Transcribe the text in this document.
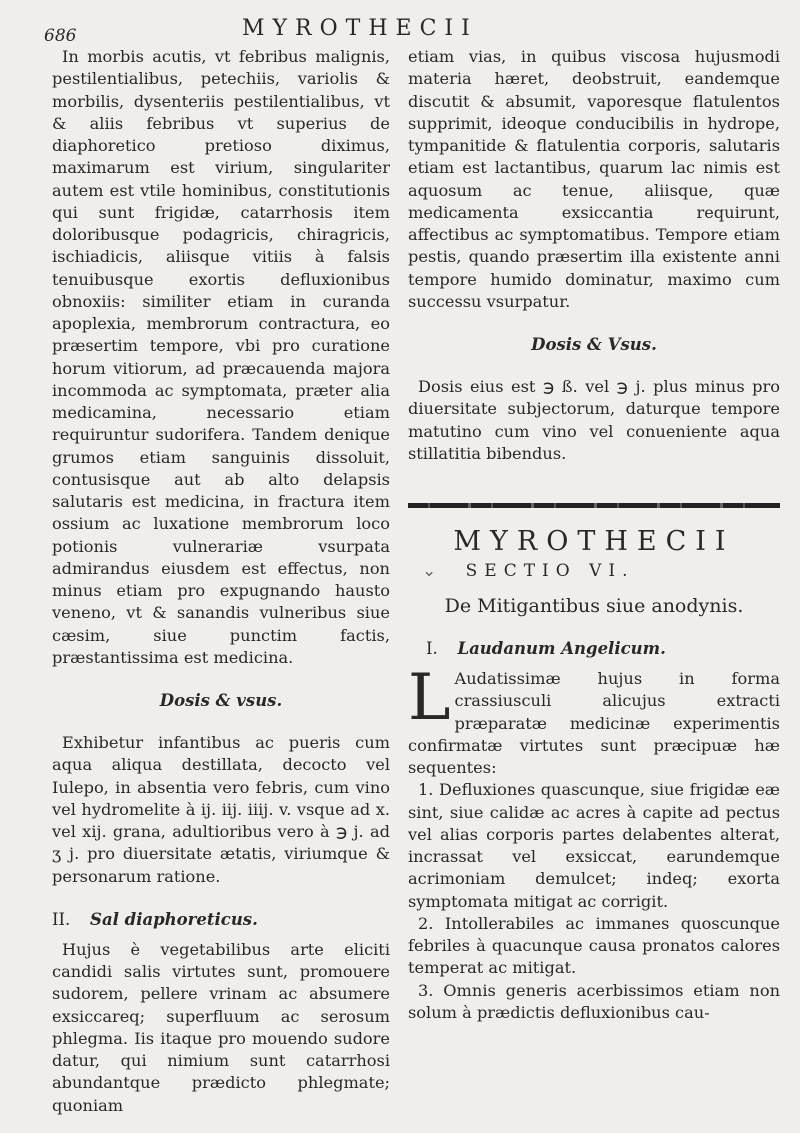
686	MYROTHECII

In morbis acutis, vt febribus malignis, pestilentialibus, petechiis, variolis & morbilis, dysenteriis pestilentialibus, vt & aliis febribus vt superius de diaphoretico pretioso diximus, maximarum est virium, singulariter autem est vtile hominibus, constitutionis qui sunt frigidæ, catarrhosis item doloribusque podagricis, chiragricis, ischiadicis, aliisque vitiis à falsis tenuibusque exortis defluxionibus obnoxiis: similiter etiam in curanda apoplexia, membrorum contractura, eo præsertim tempore, vbi pro curatione horum vitiorum, ad præcauenda majora incommoda ac symptomata, præter alia medicamina, necessario etiam requiruntur sudorifera. Tandem denique grumos etiam sanguinis dissoluit, contusisque aut ab alto delapsis salutaris est medicina, in fractura item ossium ac luxatione membrorum loco potionis vulnerariæ vsurpata admirandus eiusdem est effectus, non minus etiam pro expugnando hausto veneno, vt & sanandis vulneribus siue cæsim, siue punctim factis, præstantissima est medicina.

Dosis & vsus.

Exhibetur infantibus ac pueris cum aqua aliqua destillata, decocto vel Iulepo, in absentia vero febris, cum vino vel hydromelite à ij. iij. iiij. v. vsque ad x. vel xij. grana, adultioribus vero à ℈ j. ad ʒ j. pro diuersitate ætatis, viriumque & personarum ratione.

II. Sal diaphoreticus.

Hujus è vegetabilibus arte eliciti candidi salis virtutes sunt, promouere sudorem, pellere vrinam ac absumere exsiccareq; superfluum ac serosum phlegma. Iis itaque pro mouendo sudore datur, qui nimium sunt catarrhosi abundantque prædicto phlegmate; quoniam

etiam vias, in quibus viscosa hujusmodi materia hæret, deobstruit, eandemque discutit & absumit, vaporesque flatulentos supprimit, ideoque conducibilis in hydrope, tympanitide & flatulentia corporis, salutaris etiam est lactantibus, quarum lac nimis est aquosum ac tenue, aliisque, quæ medicamenta exsiccantia requirunt, affectibus ac symptomatibus. Tempore etiam pestis, quando præsertim illa existente anni tempore humido dominatur, maximo cum successu vsurpatur.

Dosis & Vsus.

Dosis eius est ℈ ß. vel ℈ j. plus minus pro diuersitate subjectorum, daturque tempore matutino cum vino vel conueniente aqua stillatitia bibendus.

MYROTHECII
⌄ SECTIO VI.
De Mitigantibus siue anodynis.
I. Laudanum Angelicum.
L Audatissimæ hujus in forma crassiusculi alicujus extracti præparatæ medicinæ experimentis confirmatæ virtutes sunt præcipuæ hæ sequentes:

1. Defluxiones quascunque, siue frigidæ eæ sint, siue calidæ ac acres à capite ad pectus vel alias corporis partes delabentes alterat, incrassat vel exsiccat, earundemque acrimoniam demulcet; indeq; exorta symptomata mitigat ac corrigit.

2. Intollerabiles ac immanes quoscunque febriles à quacunque causa pronatos calores temperat ac mitigat.

3. Omnis generis acerbissimos etiam non solum à prædictis defluxionibus cau-
